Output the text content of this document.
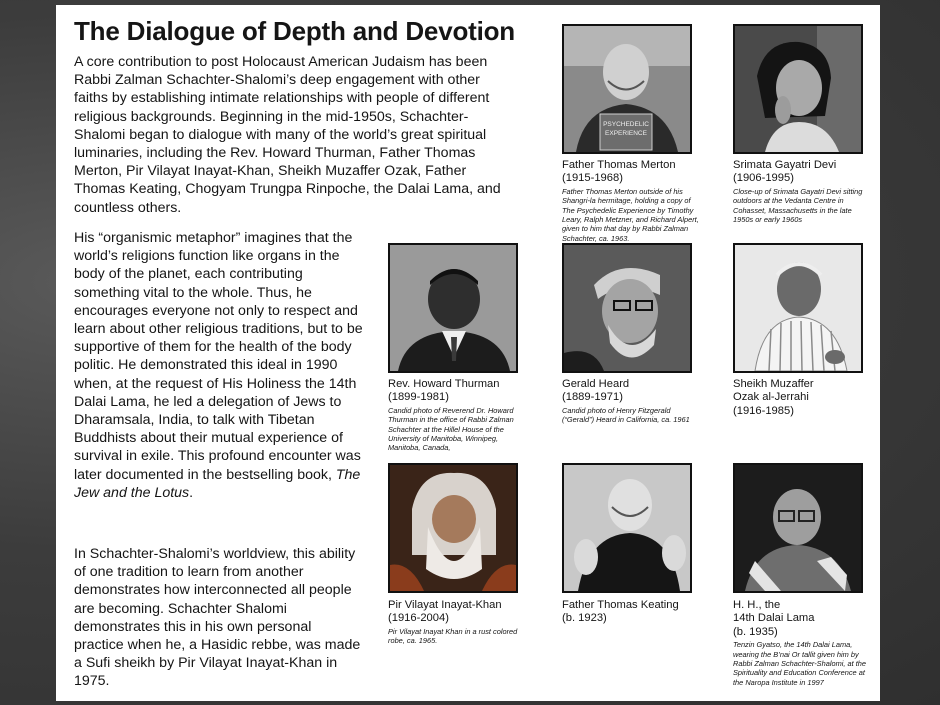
The Dialogue of Depth and Devotion

A core contribution to post Holocaust American Judaism has been Rabbi Zalman Schachter-Shalomi’s deep engagement with other faiths by establishing intimate relationships with people of different religious backgrounds. Beginning in the mid-1950s, Schachter-Shalomi began to dialogue with many of the world’s great spiritual luminaries, including the Rev. Howard Thurman, Father Thomas Merton, Pir Vilayat Inayat-Khan, Sheikh Muzaffer Ozak, Father Thomas Keating, Chogyam Trungpa Rinpoche, the Dalai Lama, and countless others.

His “organismic metaphor” imagines that the world’s religions function like organs in the body of the planet, each contributing something vital to the whole. Thus, he encourages everyone not only to respect and learn about other religious traditions, but to be supportive of them for the health of the body politic. He demonstrated this ideal in 1990 when, at the request of His Holiness the 14th Dalai Lama, he led a delegation of Jews to Dharamsala, India, to talk with Tibetan Buddhists about their mutual experience of survival in exile. This profound encounter was later documented in the bestselling book, The Jew and the Lotus.

In Schachter-Shalomi’s worldview, this ability of one tradition to learn from another demonstrates how interconnected all people are becoming. Schachter Shalomi demonstrates this in his own personal practice when he, a Hasidic rebbe, was made a Sufi sheikh by Pir Vilayat Inayat-Khan in 1975.

PSYCHEDELIC
EXPERIENCE
Father Thomas Merton
(1915-1968)
Father Thomas Merton outside of his Shangri-la hermitage, holding a copy of The Psychedelic Experience by Timothy Leary, Ralph Metzner, and Richard Alpert, given to him that day by Rabbi Zalman Schachter, ca. 1963.
Srimata Gayatri Devi
(1906-1995)
Close-up of Srimata Gayatri Devi sitting outdoors at the Vedanta Centre in Cohasset, Massachusetts in the late 1950s or early 1960s
Rev. Howard Thurman
(1899-1981)
Candid photo of Reverend Dr. Howard Thurman in the office of Rabbi Zalman Schachter at the Hillel House of the University of Manitoba, Winnipeg, Manitoba, Canada,
Gerald Heard
(1889-1971)
Candid photo of Henry Fitzgerald (“Gerald”) Heard in California, ca. 1961
Sheikh Muzaffer
Ozak al-Jerrahi
(1916-1985)
Pir Vilayat Inayat-Khan
(1916-2004)
Pir Vilayat Inayat Khan in a rust colored robe, ca. 1965.
Father Thomas Keating
(b. 1923)
H. H., the
14th Dalai Lama
(b. 1935)
Tenzin Gyatso, the 14th Dalai Lama, wearing the B’nai Or tallit given him by Rabbi Zalman Schachter-Shalomi, at the Spirituality and Education Conference at the Naropa Institute in 1997
